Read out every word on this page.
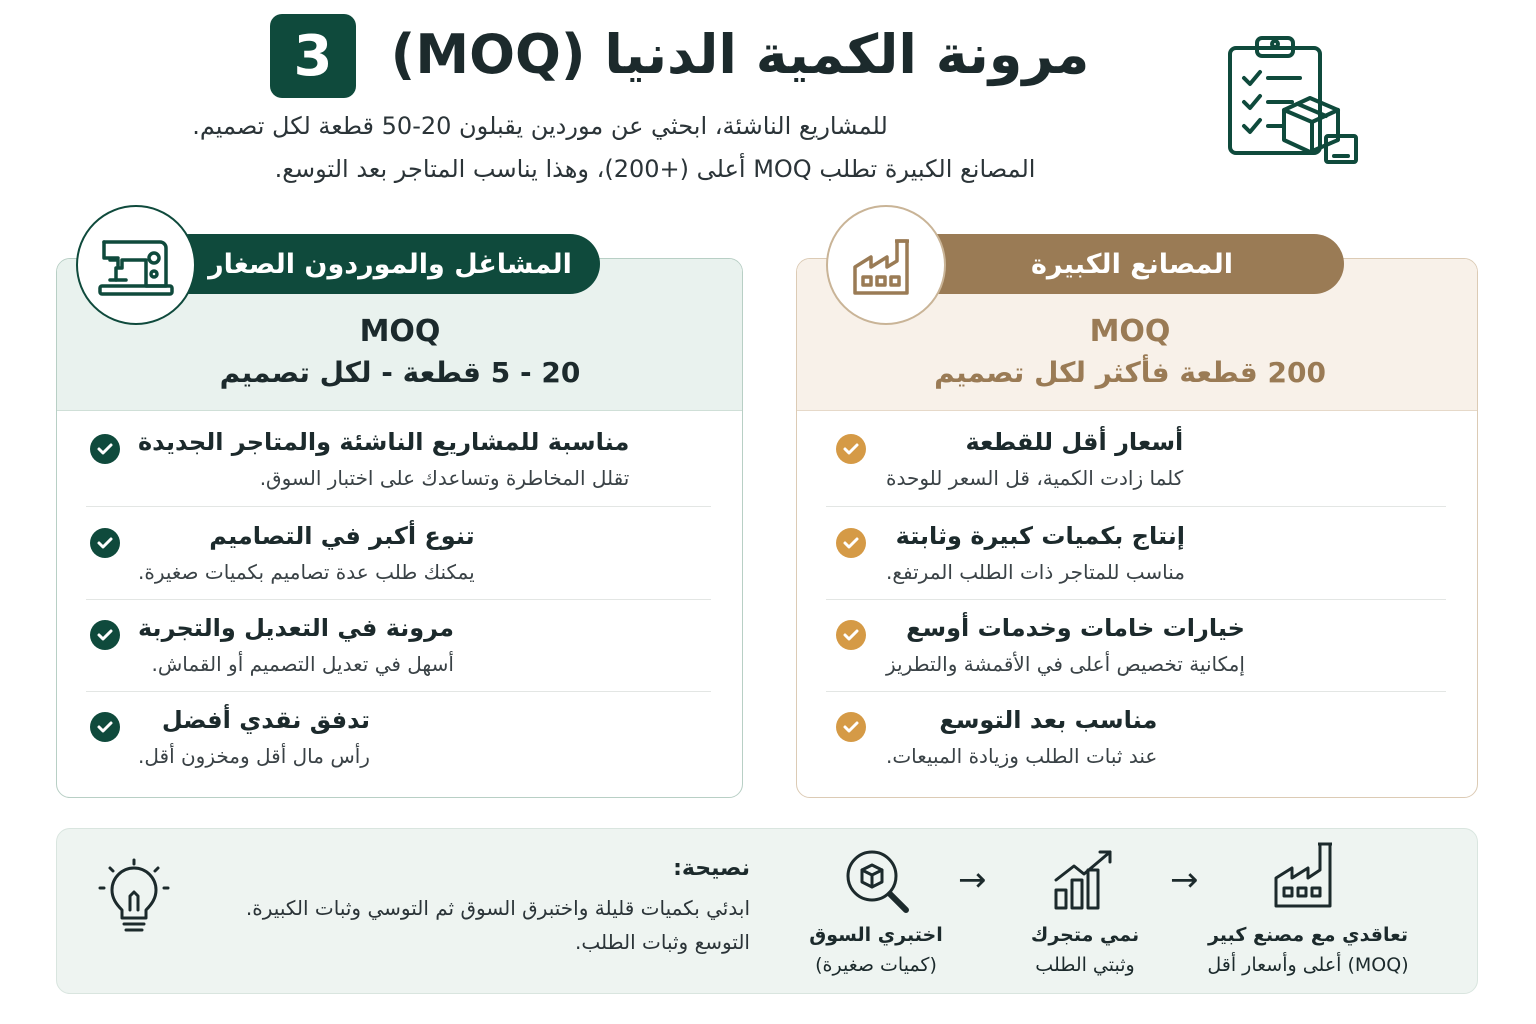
3	مرونة الكمية الدنيا (MOQ)
للمشاريع الناشئة، ابحثي عن موردين يقبلون 20-50 قطعة لكل تصميم.
المصانع الكبيرة تطلب MOQ أعلى (+200)، وهذا يناسب المتاجر بعد التوسع.
المشاغل والموردون الصغار
MOQ
20 - 5 قطعة - لكل تصميم
مناسبة للمشاريع الناشئة والمتاجر الجديدة
تقلل المخاطرة وتساعدك على اختبار السوق.
تنوع أكبر في التصاميم
يمكنك طلب عدة تصاميم بكميات صغيرة.
مرونة في التعديل والتجربة
أسهل في تعديل التصميم أو القماش.
تدفق نقدي أفضل
رأس مال أقل ومخزون أقل.
المصانع الكبيرة
MOQ
200 قطعة فأكثر لكل تصميم
أسعار أقل للقطعة
كلما زادت الكمية، قل السعر للوحدة
إنتاج بكميات كبيرة وثابتة
مناسب للمتاجر ذات الطلب المرتفع.
خيارات خامات وخدمات أوسع
إمكانية تخصيص أعلى في الأقمشة والتطريز
مناسب بعد التوسع
عند ثبات الطلب وزيادة المبيعات.
نصيحة:
ابدئي بكميات قليلة واختبرق السوق ثم التوسي وثبات الكبيرة.
التوسع وثبات الطلب.	اختبري السوق
(كميات صغيرة)
→
نمي متجرك
وثبتي الطلب
→
تعاقدي مع مصنع كبير
(MOQ) أعلى وأسعار أقل
